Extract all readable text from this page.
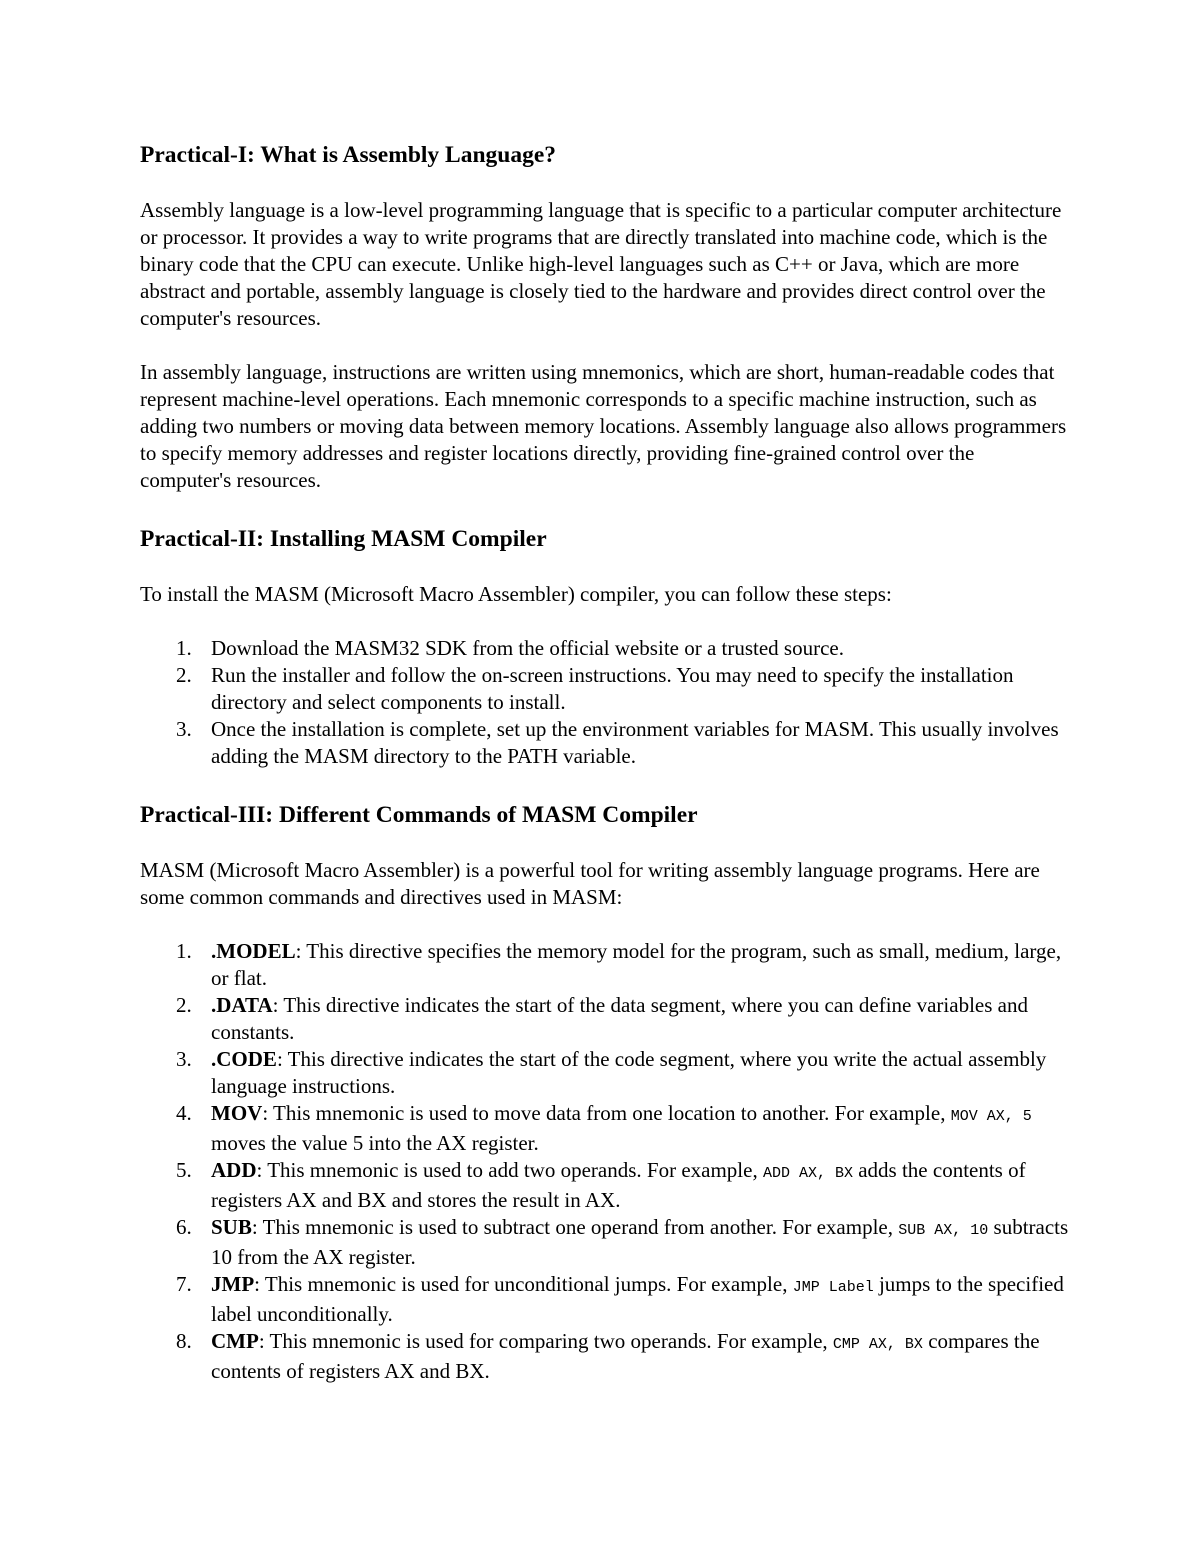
Practical-I: What is Assembly Language?

Assembly language is a low-level programming language that is specific to a particular computer architecture or processor. It provides a way to write programs that are directly translated into machine code, which is the binary code that the CPU can execute. Unlike high-level languages such as C++ or Java, which are more abstract and portable, assembly language is closely tied to the hardware and provides direct control over the computer's resources.

In assembly language, instructions are written using mnemonics, which are short, human-readable codes that represent machine-level operations. Each mnemonic corresponds to a specific machine instruction, such as adding two numbers or moving data between memory locations. Assembly language also allows programmers to specify memory addresses and register locations directly, providing fine-grained control over the computer's resources.

Practical-II: Installing MASM Compiler

To install the MASM (Microsoft Macro Assembler) compiler, you can follow these steps:

1. Download the MASM32 SDK from the official website or a trusted source.
2. Run the installer and follow the on-screen instructions. You may need to specify the installation directory and select components to install.
3. Once the installation is complete, set up the environment variables for MASM. This usually involves adding the MASM directory to the PATH variable.
Practical-III: Different Commands of MASM Compiler

MASM (Microsoft Macro Assembler) is a powerful tool for writing assembly language programs. Here are some common commands and directives used in MASM:

1. .MODEL: This directive specifies the memory model for the program, such as small, medium, large, or flat.
2. .DATA: This directive indicates the start of the data segment, where you can define variables and constants.
3. .CODE: This directive indicates the start of the code segment, where you write the actual assembly language instructions.
4. MOV: This mnemonic is used to move data from one location to another. For example, MOV AX, 5 moves the value 5 into the AX register.
5. ADD: This mnemonic is used to add two operands. For example, ADD AX, BX adds the contents of registers AX and BX and stores the result in AX.
6. SUB: This mnemonic is used to subtract one operand from another. For example, SUB AX, 10 subtracts 10 from the AX register.
7. JMP: This mnemonic is used for unconditional jumps. For example, JMP Label jumps to the specified label unconditionally.
8. CMP: This mnemonic is used for comparing two operands. For example, CMP AX, BX compares the contents of registers AX and BX.
